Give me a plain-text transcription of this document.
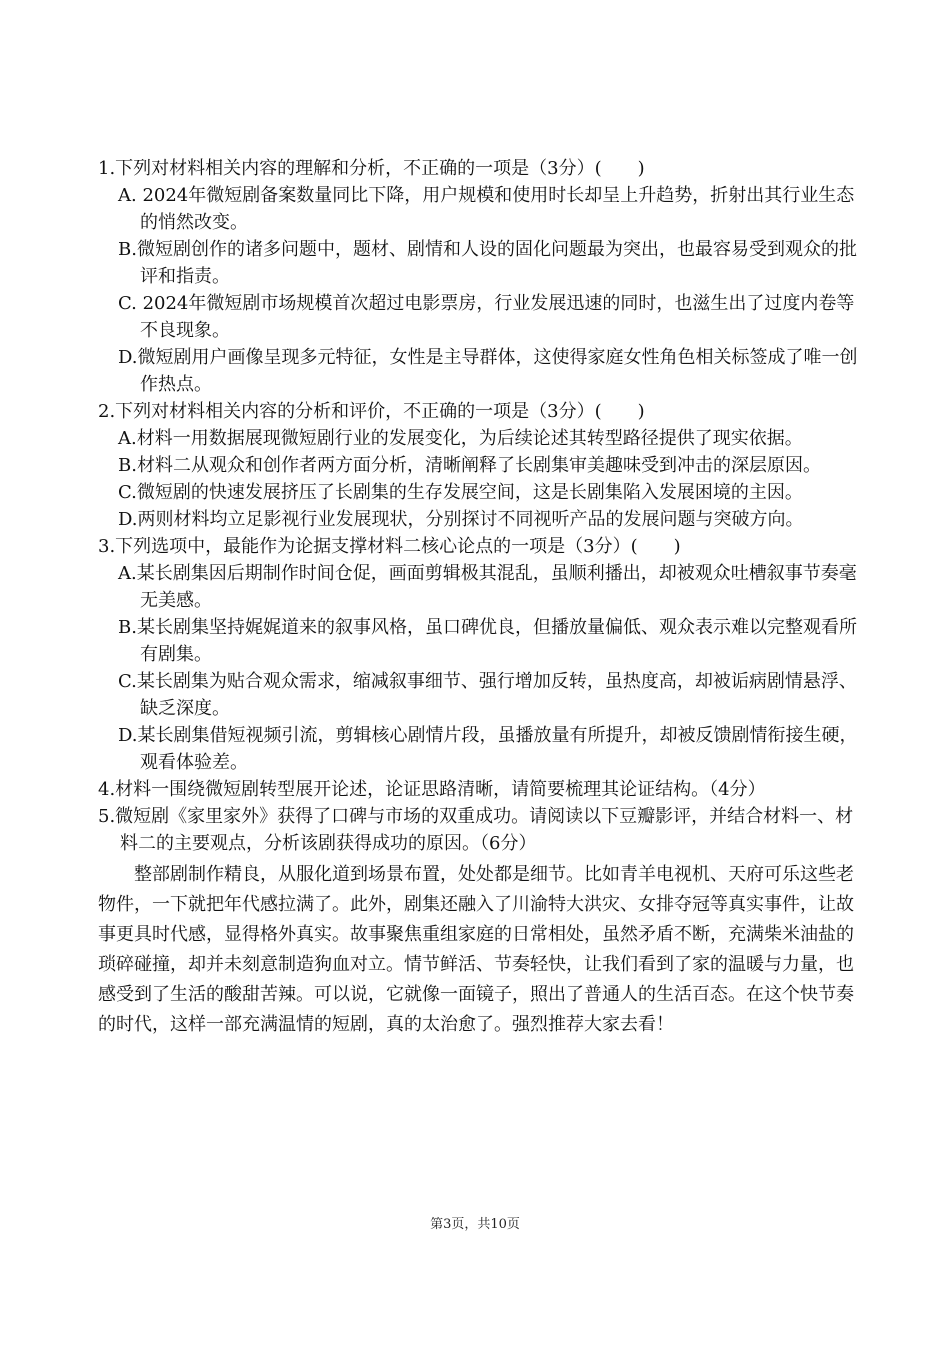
1.下列对材料相关内容的理解和分析，不正确的一项是（3分）(　　)

A. 2024年微短剧备案数量同比下降，用户规模和使用时长却呈上升趋势，折射出其行业生态的悄然改变。

B.微短剧创作的诸多问题中，题材、剧情和人设的固化问题最为突出，也最容易受到观众的批评和指责。

C. 2024年微短剧市场规模首次超过电影票房，行业发展迅速的同时，也滋生出了过度内卷等不良现象。

D.微短剧用户画像呈现多元特征，女性是主导群体，这使得家庭女性角色相关标签成了唯一创作热点。

2.下列对材料相关内容的分析和评价，不正确的一项是（3分）(　　)

A.材料一用数据展现微短剧行业的发展变化，为后续论述其转型路径提供了现实依据。

B.材料二从观众和创作者两方面分析，清晰阐释了长剧集审美趣味受到冲击的深层原因。

C.微短剧的快速发展挤压了长剧集的生存发展空间，这是长剧集陷入发展困境的主因。

D.两则材料均立足影视行业发展现状，分别探讨不同视听产品的发展问题与突破方向。

3.下列选项中，最能作为论据支撑材料二核心论点的一项是（3分）(　　)

A.某长剧集因后期制作时间仓促，画面剪辑极其混乱，虽顺利播出，却被观众吐槽叙事节奏毫无美感。

B.某长剧集坚持娓娓道来的叙事风格，虽口碑优良，但播放量偏低、观众表示难以完整观看所有剧集。

C.某长剧集为贴合观众需求，缩减叙事细节、强行增加反转，虽热度高，却被诟病剧情悬浮、缺乏深度。

D.某长剧集借短视频引流，剪辑核心剧情片段，虽播放量有所提升，却被反馈剧情衔接生硬，观看体验差。

4.材料一围绕微短剧转型展开论述，论证思路清晰，请简要梳理其论证结构。（4分）
5.微短剧《家里家外》获得了口碑与市场的双重成功。请阅读以下豆瓣影评，并结合材料一、材料二的主要观点，分析该剧获得成功的原因。（6分）

整部剧制作精良，从服化道到场景布置，处处都是细节。比如青羊电视机、天府可乐这些老物件，一下就把年代感拉满了。此外，剧集还融入了川渝特大洪灾、女排夺冠等真实事件，让故事更具时代感，显得格外真实。故事聚焦重组家庭的日常相处，虽然矛盾不断，充满柴米油盐的琐碎碰撞，却并未刻意制造狗血对立。情节鲜活、节奏轻快，让我们看到了家的温暖与力量，也感受到了生活的酸甜苦辣。可以说，它就像一面镜子，照出了普通人的生活百态。在这个快节奏的时代，这样一部充满温情的短剧，真的太治愈了。强烈推荐大家去看！

第3页，共10页
